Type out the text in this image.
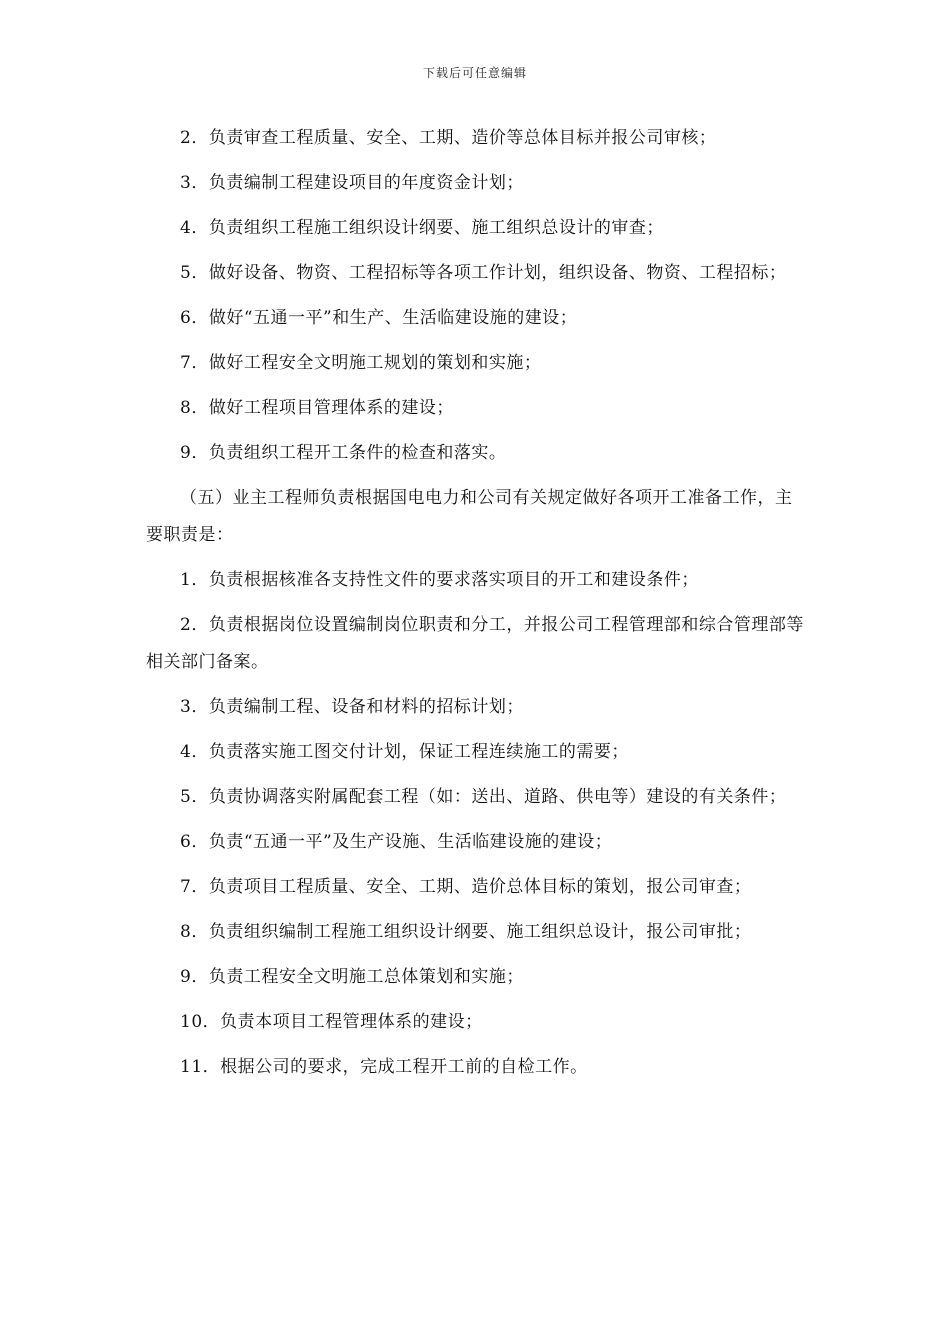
下载后可任意编辑

2．负责审查工程质量、安全、工期、造价等总体目标并报公司审核；

3．负责编制工程建设项目的年度资金计划；

4．负责组织工程施工组织设计纲要、施工组织总设计的审查；

5．做好设备、物资、工程招标等各项工作计划，组织设备、物资、工程招标；

6．做好“五通一平”和生产、生活临建设施的建设；

7．做好工程安全文明施工规划的策划和实施；

8．做好工程项目管理体系的建设；

9．负责组织工程开工条件的检查和落实。

（五）业主工程师负责根据国电电力和公司有关规定做好各项开工准备工作，主要职责是：

1．负责根据核准各支持性文件的要求落实项目的开工和建设条件；

2．负责根据岗位设置编制岗位职责和分工，并报公司工程管理部和综合管理部等相关部门备案。

3．负责编制工程、设备和材料的招标计划；

4．负责落实施工图交付计划，保证工程连续施工的需要；

5．负责协调落实附属配套工程（如：送出、道路、供电等）建设的有关条件；

6．负责“五通一平”及生产设施、生活临建设施的建设；

7．负责项目工程质量、安全、工期、造价总体目标的策划，报公司审查；

8．负责组织编制工程施工组织设计纲要、施工组织总设计，报公司审批；

9．负责工程安全文明施工总体策划和实施；

10．负责本项目工程管理体系的建设；

11．根据公司的要求，完成工程开工前的自检工作。
